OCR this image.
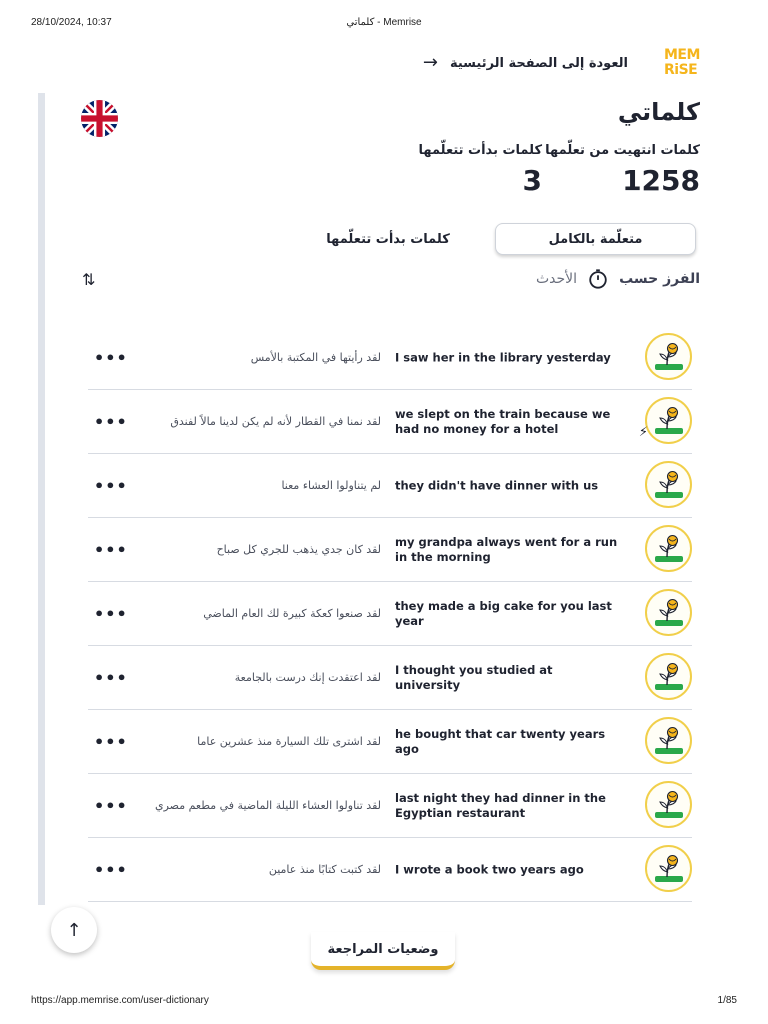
28/10/2024, 10:37	كلماتي - Memrise
MEM
RiSE
العودة إلى الصفحة الرئيسية
→
كلماتي
كلمات انتهيت من تعلّمها
1258
كلمات بدأت تتعلّمها
3
متعلّمة بالكامل
كلمات بدأت تتعلّمها
الفرز حسب
الأحدث
⇅
I saw her in the library yesterday
لقد رأيتها في المكتبة بالأمس
•••
⚡︎
we slept on the train because we had no money for a hotel
لقد نمنا في القطار لأنه لم يكن لدينا مالاً لفندق
•••
they didn't have dinner with us
لم يتناولوا العشاء معنا
•••
my grandpa always went for a run in the morning
لقد كان جدي يذهب للجري كل صباح
•••
they made a big cake for you last year
لقد صنعوا كعكة كبيرة لك العام الماضي
•••
I thought you studied at university
لقد اعتقدت إنك درست بالجامعة
•••
he bought that car twenty years ago
لقد اشترى تلك السيارة منذ عشرين عاما
•••
last night they had dinner in the Egyptian restaurant
لقد تناولوا العشاء الليلة الماضية في مطعم مصري
•••
I wrote a book two years ago
لقد كتبت كتابًا منذ عامين
•••
↑
وضعيات المراجعة
https://app.memrise.com/user-dictionary	1/85
